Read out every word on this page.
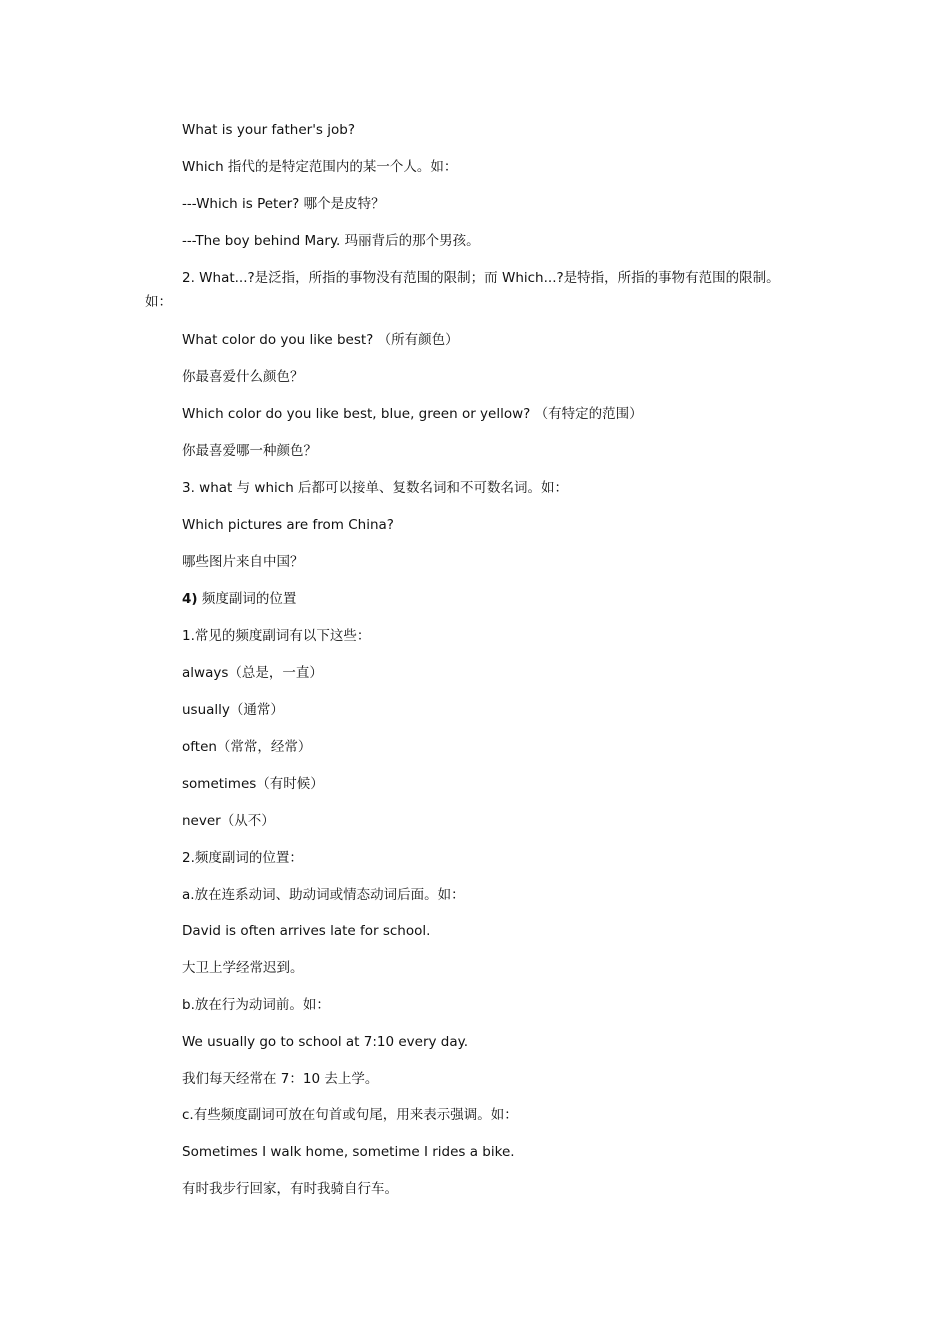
What is your father's job?
Which 指代的是特定范围内的某一个人。如：
---Which is Peter? 哪个是皮特？
---The boy behind Mary. 玛丽背后的那个男孩。
2. What...?是泛指，所指的事物没有范围的限制；而 Which...?是特指，所指的事物有范围的限制。
如：
What color do you like best? （所有颜色）
你最喜爱什么颜色？
Which color do you like best, blue, green or yellow? （有特定的范围）
你最喜爱哪一种颜色？
3. what 与 which 后都可以接单、复数名词和不可数名词。如：
Which pictures are from China?
哪些图片来自中国？
4) 频度副词的位置
1.常见的频度副词有以下这些：
always（总是，一直）
usually（通常）
often（常常，经常）
sometimes（有时候）
never（从不）
2.频度副词的位置：
a.放在连系动词、助动词或情态动词后面。如：
David is often arrives late for school.
大卫上学经常迟到。
b.放在行为动词前。如：
We usually go to school at 7:10 every day.
我们每天经常在 7：10 去上学。
c.有些频度副词可放在句首或句尾，用来表示强调。如：
Sometimes I walk home, sometime I rides a bike.
有时我步行回家，有时我骑自行车。
